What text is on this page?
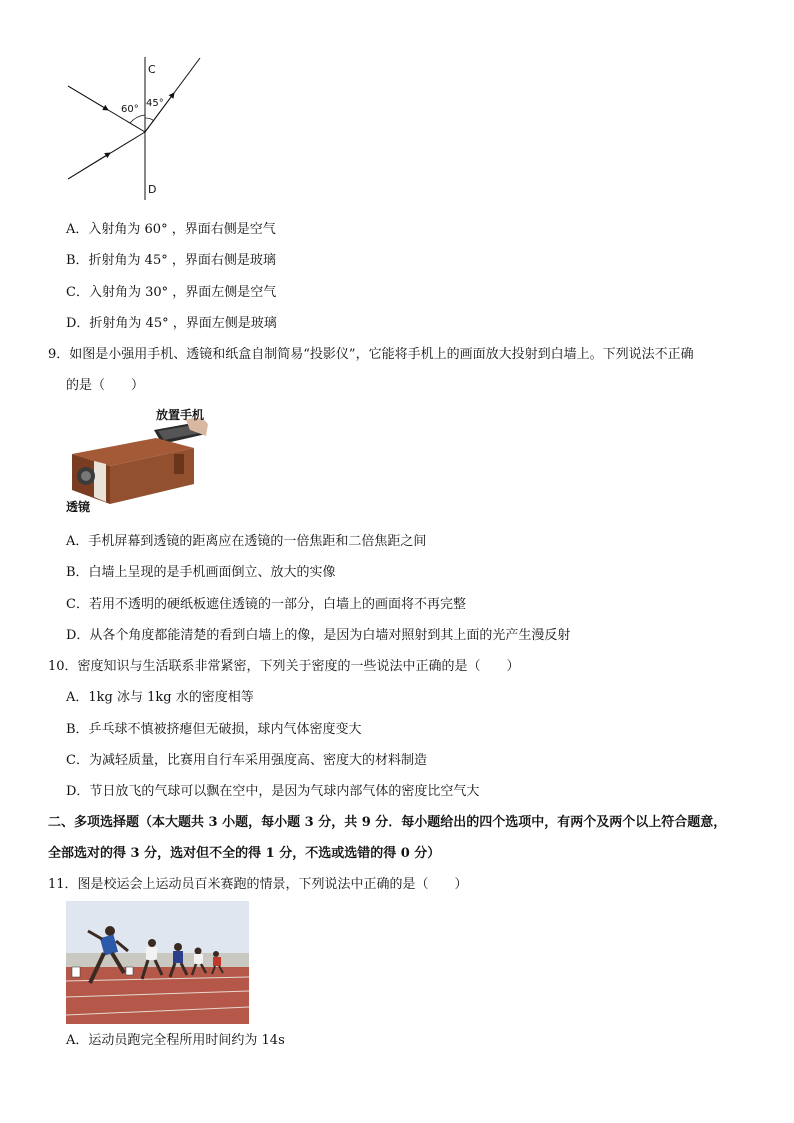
C
D
60°
45°
A．入射角为 60° ，界面右侧是空气
B．折射角为 45° ，界面右侧是玻璃
C．入射角为 30° ，界面左侧是空气
D．折射角为 45° ，界面左侧是玻璃
9．如图是小强用手机、透镜和纸盒自制简易“投影仪”，它能将手机上的画面放大投射到白墙上。下列说法不正确
的是（　　）
放置手机
透镜
A．手机屏幕到透镜的距离应在透镜的一倍焦距和二倍焦距之间
B．白墙上呈现的是手机画面倒立、放大的实像
C．若用不透明的硬纸板遮住透镜的一部分，白墙上的画面将不再完整
D．从各个角度都能清楚的看到白墙上的像，是因为白墙对照射到其上面的光产生漫反射
10．密度知识与生活联系非常紧密，下列关于密度的一些说法中正确的是（　　）
A．1kg 冰与 1kg 水的密度相等
B．乒乓球不慎被挤瘪但无破损，球内气体密度变大
C．为减轻质量，比赛用自行车采用强度高、密度大的材料制造
D．节日放飞的气球可以飘在空中，是因为气球内部气体的密度比空气大
二、多项选择题（本大题共 3 小题，每小题 3 分，共 9 分．每小题给出的四个选项中，有两个及两个以上符合题意，
全部选对的得 3 分，选对但不全的得 1 分，不选或选错的得 0 分）
11．图是校运会上运动员百米赛跑的情景，下列说法中正确的是（　　）
A．运动员跑完全程所用时间约为 14s
